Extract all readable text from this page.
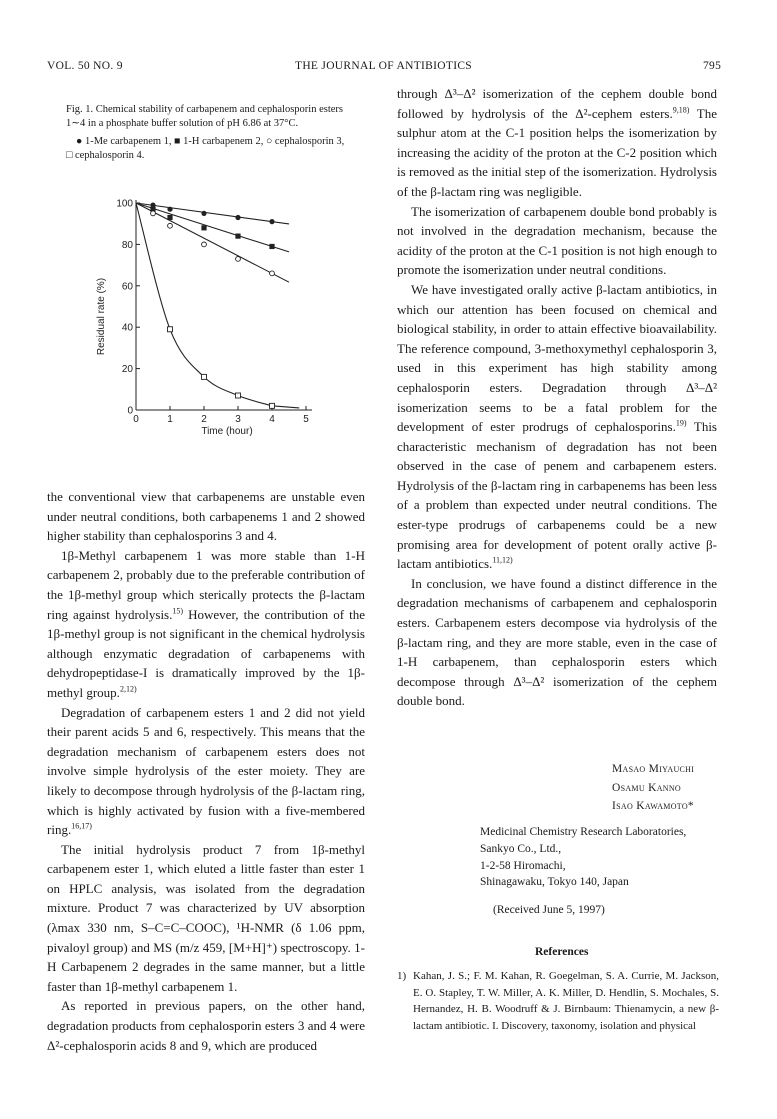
VOL. 50 NO. 9	THE JOURNAL OF ANTIBIOTICS	795

Fig. 1. Chemical stability of carbapenem and cephalosporin esters 1∼4 in a phosphate buffer solution of pH 6.86 at 37°C.

● 1-Me carbapenem 1, ■ 1-H carbapenem 2, ○ cephalosporin 3, □ cephalosporin 4.

0
20
40
60
80
100
0	1	2	3	4	5
Time (hour)
Residual rate (%)

the conventional view that carbapenems are unstable even under neutral conditions, both carbapenems 1 and 2 showed higher stability than cephalosporins 3 and 4.

1β-Methyl carbapenem 1 was more stable than 1-H carbapenem 2, probably due to the preferable contribution of the 1β-methyl group which sterically protects the β-lactam ring against hydrolysis.$^{15)}$ However, the contribution of the 1β-methyl group is not significant in the chemical hydrolysis although enzymatic degradation of carbapenems with dehydropeptidase-I is dramatically improved by the 1β-methyl group.$^{2,12)}$

Degradation of carbapenem esters 1 and 2 did not yield their parent acids 5 and 6, respectively. This means that the degradation mechanism of carbapenem esters does not involve simple hydrolysis of the ester moiety. They are likely to decompose through hydrolysis of the β-lactam ring, which is highly activated by fusion with a five-membered ring.$^{16,17)}$

The initial hydrolysis product 7 from 1β-methyl carbapenem ester 1, which eluted a little faster than ester 1 on HPLC analysis, was isolated from the degradation mixture. Product 7 was characterized by UV absorption (λmax 330 nm, S–C=C–COOC), ¹H-NMR (δ 1.06 ppm, pivaloyl group) and MS (m/z 459, [M+H]⁺) spectroscopy. 1-H Carbapenem 2 degrades in the same manner, but a little faster than 1β-methyl carbapenem 1.

As reported in previous papers, on the other hand, degradation products from cephalosporin esters 3 and 4 were Δ²-cephalosporin acids 8 and 9, which are produced

through Δ³–Δ² isomerization of the cephem double bond followed by hydrolysis of the Δ²-cephem esters.$^{9,18)}$ The sulphur atom at the C-1 position helps the isomerization by increasing the acidity of the proton at the C-2 position which is removed as the initial step of the isomerization. Hydrolysis of the β-lactam ring was negligible.

The isomerization of carbapenem double bond probably is not involved in the degradation mechanism, because the acidity of the proton at the C-1 position is not high enough to promote the isomerization under neutral conditions.

We have investigated orally active β-lactam antibiotics, in which our attention has been focused on chemical and biological stability, in order to attain effective bioavailability. The reference compound, 3-methoxymethyl cephalosporin 3, used in this experiment has high stability among cephalosporin esters. Degradation through Δ³–Δ² isomerization seems to be a fatal problem for the development of ester prodrugs of cephalosporins.$^{19)}$ This characteristic mechanism of degradation has not been observed in the case of penem and carbapenem esters. Hydrolysis of the β-lactam ring in carbapenems has been less of a problem than expected under neutral conditions. The ester-type prodrugs of carbapenems could be a new promising area for development of potent orally active β-lactam antibiotics.$^{11,12)}$

In conclusion, we have found a distinct difference in the degradation mechanisms of carbapenem and cephalosporin esters. Carbapenem esters decompose via hydrolysis of the β-lactam ring, and they are more stable, even in the case of 1-H carbapenem, than cephalosporin esters which decompose through Δ³–Δ² isomerization of the cephem double bond.

Masao Miyauchi
Osamu Kanno
Isao Kawamoto*
Medicinal Chemistry Research Laboratories,
Sankyo Co., Ltd.,
1-2-58 Hiromachi,
Shinagawaku, Tokyo 140, Japan
(Received June 5, 1997)
References
1) Kahan, J. S.; F. M. Kahan, R. Goegelman, S. A. Currie, M. Jackson, E. O. Stapley, T. W. Miller, A. K. Miller, D. Hendlin, S. Mochales, S. Hernandez, H. B. Woodruff & J. Birnbaum: Thienamycin, a new β-lactam antibiotic. I. Discovery, taxonomy, isolation and physical
